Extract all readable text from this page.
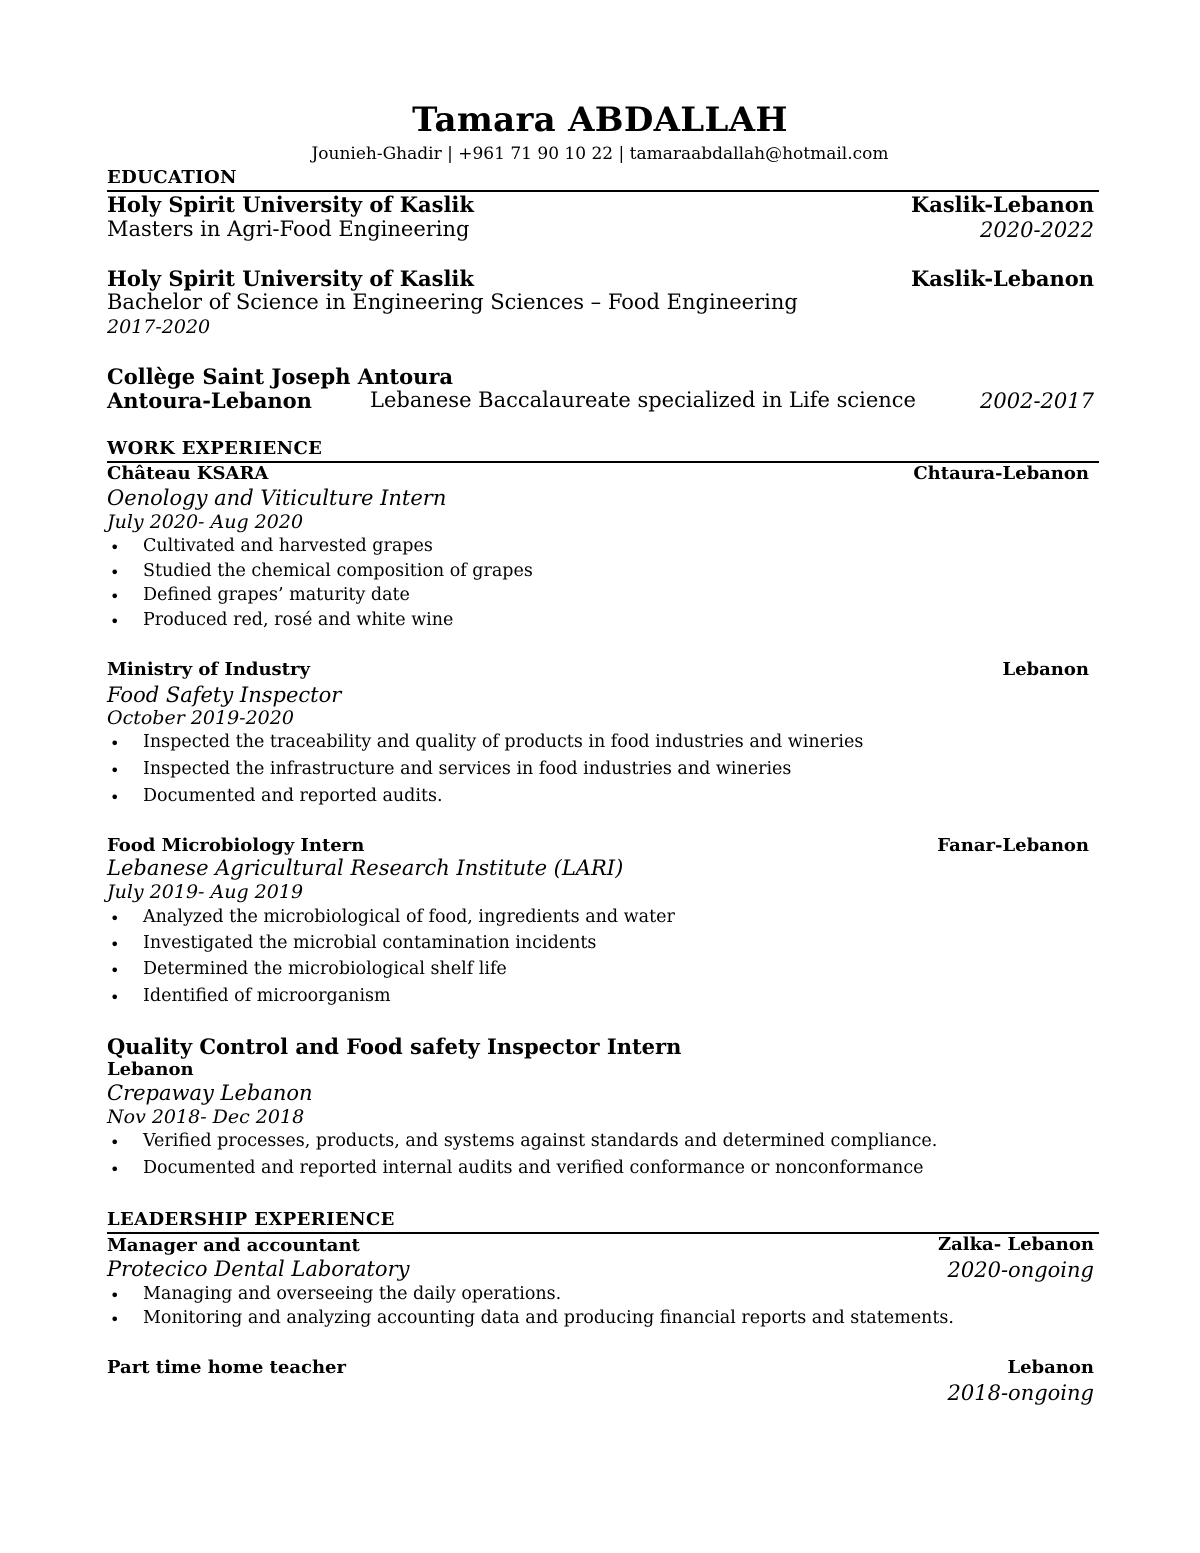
Tamara ABDALLAH
Jounieh-Ghadir | +961 71 90 10 22 | tamaraabdallah@hotmail.com
EDUCATION
Holy Spirit University of Kaslik	Kaslik-Lebanon
Masters in Agri-Food Engineering	2020-2022
Holy Spirit University of Kaslik	Kaslik-Lebanon
Bachelor of Science in Engineering Sciences – Food Engineering
2017-2020
Collège Saint Joseph Antoura
Antoura-Lebanon	Lebanese Baccalaureate specialized in Life science	2002-2017
WORK EXPERIENCE
Château KSARA	Chtaura-Lebanon
Oenology and Viticulture Intern
July 2020- Aug 2020
• Cultivated and harvested grapes
• Studied the chemical composition of grapes
• Defined grapes’ maturity date
• Produced red, rosé and white wine
Ministry of Industry	Lebanon
Food Safety Inspector
October 2019-2020
• Inspected the traceability and quality of products in food industries and wineries
• Inspected the infrastructure and services in food industries and wineries
• Documented and reported audits.
Food Microbiology Intern	Fanar-Lebanon
Lebanese Agricultural Research Institute (LARI)
July 2019- Aug 2019
• Analyzed the microbiological of food, ingredients and water
• Investigated the microbial contamination incidents
• Determined the microbiological shelf life
• Identified of microorganism
Quality Control and Food safety Inspector Intern
Lebanon
Crepaway Lebanon
Nov 2018- Dec 2018
• Verified processes, products, and systems against standards and determined compliance.
• Documented and reported internal audits and verified conformance or nonconformance
LEADERSHIP EXPERIENCE
Manager and accountant	Zalka- Lebanon
Protecico Dental Laboratory	2020-ongoing
• Managing and overseeing the daily operations.
• Monitoring and analyzing accounting data and producing financial reports and statements.
Part time home teacher	Lebanon
2018-ongoing
